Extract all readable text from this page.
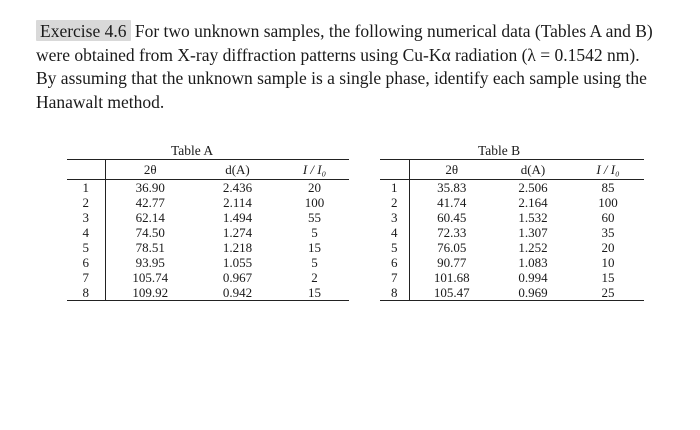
Exercise 4.6 For two unknown samples, the following numerical data (Tables A and B) were obtained from X-ray diffraction patterns using Cu-Kα radiation (λ = 0.1542 nm). By assuming that the unknown sample is a single phase, identify each sample using the Hanawalt method.
Table A
	2θ	d(A)	I / I₀
1	36.90	2.436	20
2	42.77	2.114	100
3	62.14	1.494	55
4	74.50	1.274	5
5	78.51	1.218	15
6	93.95	1.055	5
7	105.74	0.967	2
8	109.92	0.942	15
Table B
	2θ	d(A)	I / I₀
1	35.83	2.506	85
2	41.74	2.164	100
3	60.45	1.532	60
4	72.33	1.307	35
5	76.05	1.252	20
6	90.77	1.083	10
7	101.68	0.994	15
8	105.47	0.969	25
